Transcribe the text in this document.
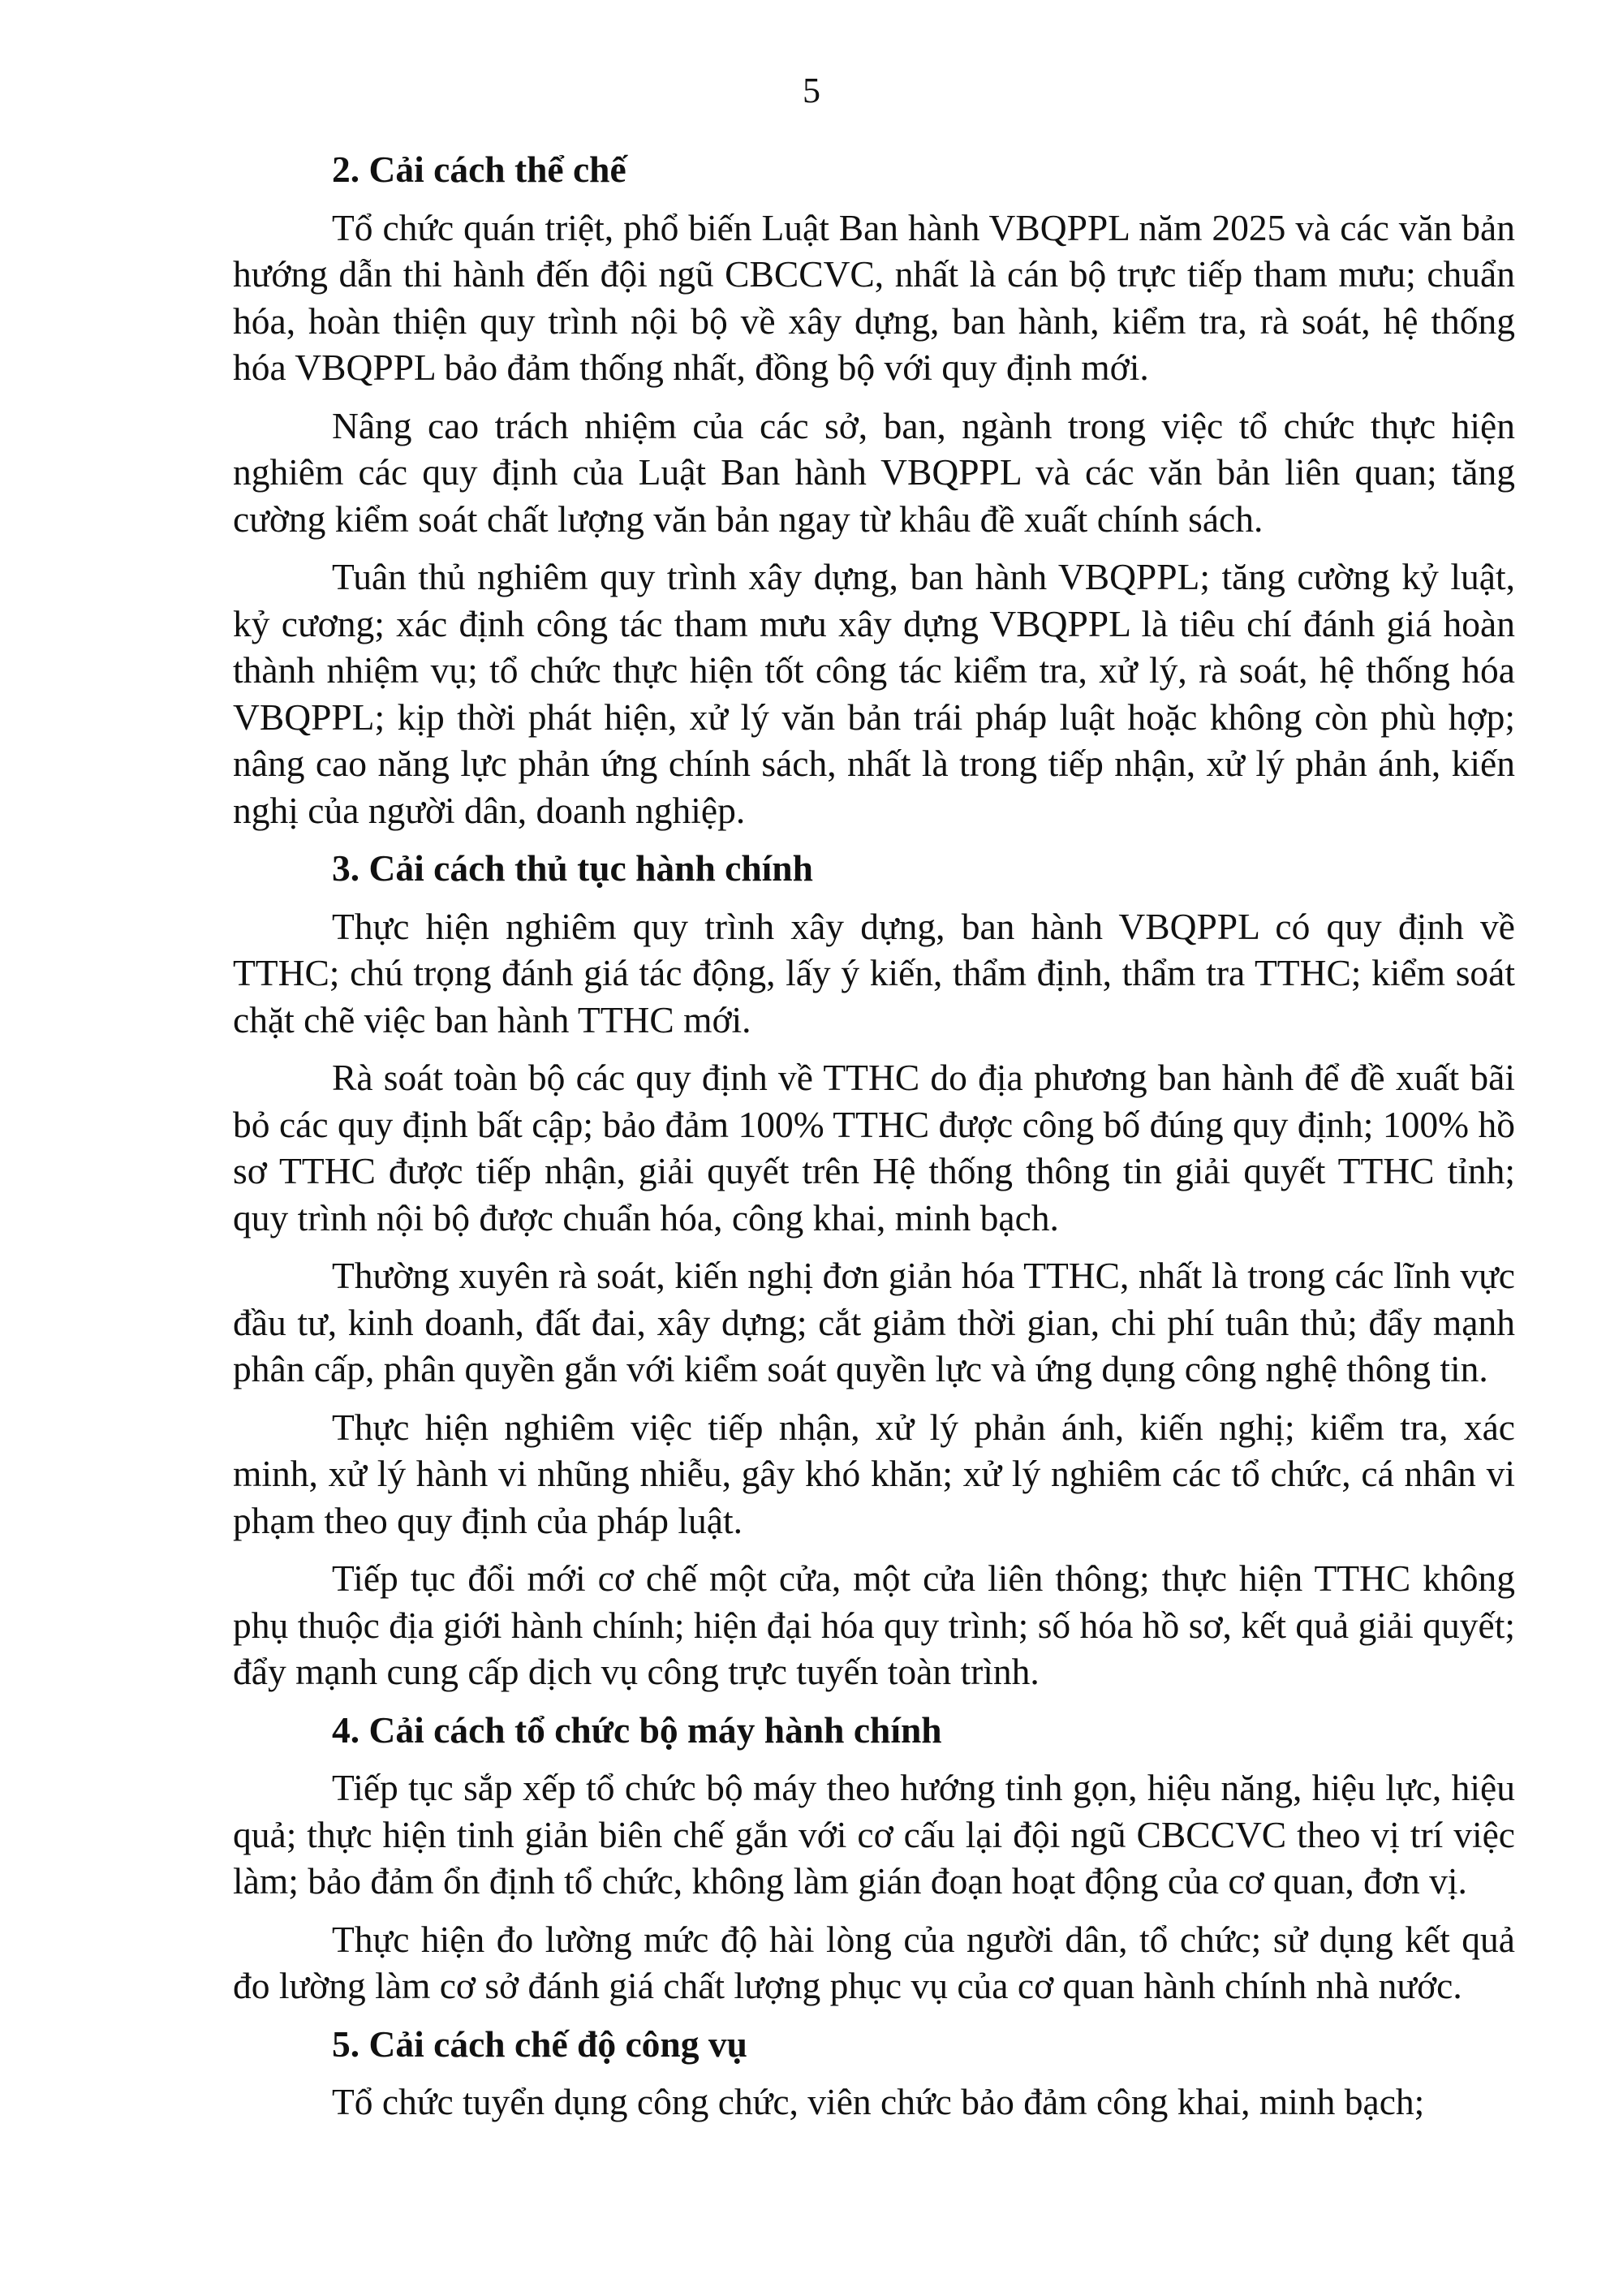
5

2. Cải cách thể chế

Tổ chức quán triệt, phổ biến Luật Ban hành VBQPPL năm 2025 và các văn bản hướng dẫn thi hành đến đội ngũ CBCCVC, nhất là cán bộ trực tiếp tham mưu; chuẩn hóa, hoàn thiện quy trình nội bộ về xây dựng, ban hành, kiểm tra, rà soát, hệ thống hóa VBQPPL bảo đảm thống nhất, đồng bộ với quy định mới.

Nâng cao trách nhiệm của các sở, ban, ngành trong việc tổ chức thực hiện nghiêm các quy định của Luật Ban hành VBQPPL và các văn bản liên quan; tăng cường kiểm soát chất lượng văn bản ngay từ khâu đề xuất chính sách.

Tuân thủ nghiêm quy trình xây dựng, ban hành VBQPPL; tăng cường kỷ luật, kỷ cương; xác định công tác tham mưu xây dựng VBQPPL là tiêu chí đánh giá hoàn thành nhiệm vụ; tổ chức thực hiện tốt công tác kiểm tra, xử lý, rà soát, hệ thống hóa VBQPPL; kịp thời phát hiện, xử lý văn bản trái pháp luật hoặc không còn phù hợp; nâng cao năng lực phản ứng chính sách, nhất là trong tiếp nhận, xử lý phản ánh, kiến nghị của người dân, doanh nghiệp.

3. Cải cách thủ tục hành chính

Thực hiện nghiêm quy trình xây dựng, ban hành VBQPPL có quy định về TTHC; chú trọng đánh giá tác động, lấy ý kiến, thẩm định, thẩm tra TTHC; kiểm soát chặt chẽ việc ban hành TTHC mới.

Rà soát toàn bộ các quy định về TTHC do địa phương ban hành để đề xuất bãi bỏ các quy định bất cập; bảo đảm 100% TTHC được công bố đúng quy định; 100% hồ sơ TTHC được tiếp nhận, giải quyết trên Hệ thống thông tin giải quyết TTHC tỉnh; quy trình nội bộ được chuẩn hóa, công khai, minh bạch.

Thường xuyên rà soát, kiến nghị đơn giản hóa TTHC, nhất là trong các lĩnh vực đầu tư, kinh doanh, đất đai, xây dựng; cắt giảm thời gian, chi phí tuân thủ; đẩy mạnh phân cấp, phân quyền gắn với kiểm soát quyền lực và ứng dụng công nghệ thông tin.

Thực hiện nghiêm việc tiếp nhận, xử lý phản ánh, kiến nghị; kiểm tra, xác minh, xử lý hành vi nhũng nhiễu, gây khó khăn; xử lý nghiêm các tổ chức, cá nhân vi phạm theo quy định của pháp luật.

Tiếp tục đổi mới cơ chế một cửa, một cửa liên thông; thực hiện TTHC không phụ thuộc địa giới hành chính; hiện đại hóa quy trình; số hóa hồ sơ, kết quả giải quyết; đẩy mạnh cung cấp dịch vụ công trực tuyến toàn trình.

4. Cải cách tổ chức bộ máy hành chính

Tiếp tục sắp xếp tổ chức bộ máy theo hướng tinh gọn, hiệu năng, hiệu lực, hiệu quả; thực hiện tinh giản biên chế gắn với cơ cấu lại đội ngũ CBCCVC theo vị trí việc làm; bảo đảm ổn định tổ chức, không làm gián đoạn hoạt động của cơ quan, đơn vị.

Thực hiện đo lường mức độ hài lòng của người dân, tổ chức; sử dụng kết quả đo lường làm cơ sở đánh giá chất lượng phục vụ của cơ quan hành chính nhà nước.

5. Cải cách chế độ công vụ

Tổ chức tuyển dụng công chức, viên chức bảo đảm công khai, minh bạch;
